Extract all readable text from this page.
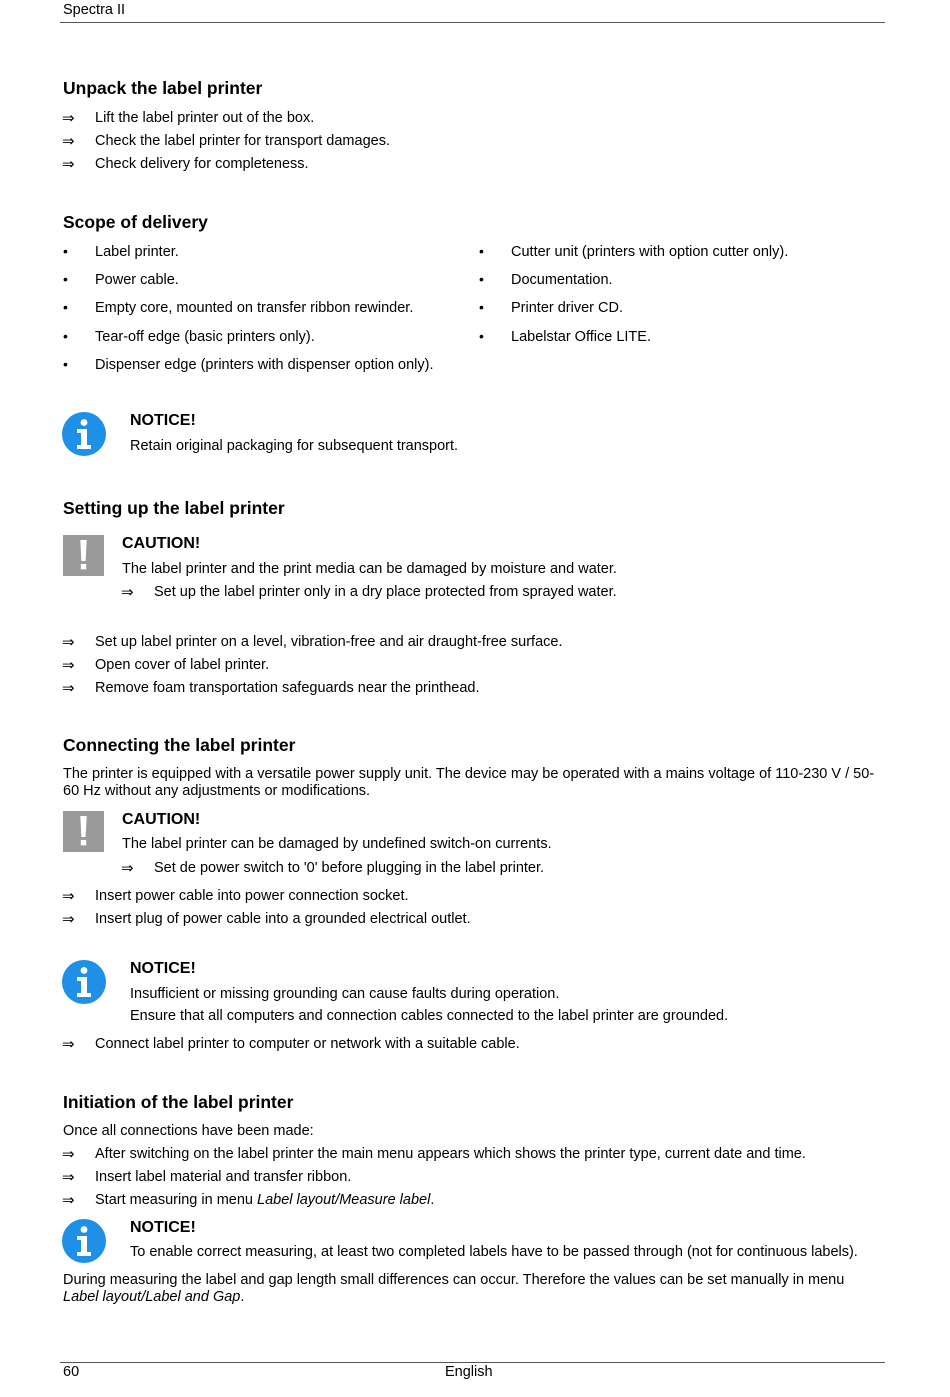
Spectra II
Unpack the label printer
⇒ Lift the label printer out of the box.
⇒ Check the label printer for transport damages.
⇒ Check delivery for completeness.
Scope of delivery
• Label printer.
• Power cable.
• Empty core, mounted on transfer ribbon rewinder.
• Tear-off edge (basic printers only).
• Dispenser edge (printers with dispenser option only).
• Cutter unit (printers with option cutter only).
• Documentation.
• Printer driver CD.
• Labelstar Office LITE.
NOTICE!
Retain original packaging for subsequent transport.
Setting up the label printer
CAUTION!
The label printer and the print media can be damaged by moisture and water.
⇒ Set up the label printer only in a dry place protected from sprayed water.
⇒ Set up label printer on a level, vibration-free and air draught-free surface.
⇒ Open cover of label printer.
⇒ Remove foam transportation safeguards near the printhead.
Connecting the label printer
The printer is equipped with a versatile power supply unit. The device may be operated with a mains voltage of 110-230 V / 50-60 Hz without any adjustments or modifications.
CAUTION!
The label printer can be damaged by undefined switch-on currents.
⇒ Set de power switch to '0' before plugging in the label printer.
⇒ Insert power cable into power connection socket.
⇒ Insert plug of power cable into a grounded electrical outlet.
NOTICE!
Insufficient or missing grounding can cause faults during operation.
Ensure that all computers and connection cables connected to the label printer are grounded.
⇒ Connect label printer to computer or network with a suitable cable.
Initiation of the label printer
Once all connections have been made:
⇒ After switching on the label printer the main menu appears which shows the printer type, current date and time.
⇒ Insert label material and transfer ribbon.
⇒ Start measuring in menu Label layout/Measure label.
NOTICE!
To enable correct measuring, at least two completed labels have to be passed through (not for continuous labels).
During measuring the label and gap length small differences can occur. Therefore the values can be set manually in menu Label layout/Label and Gap.
60	English
